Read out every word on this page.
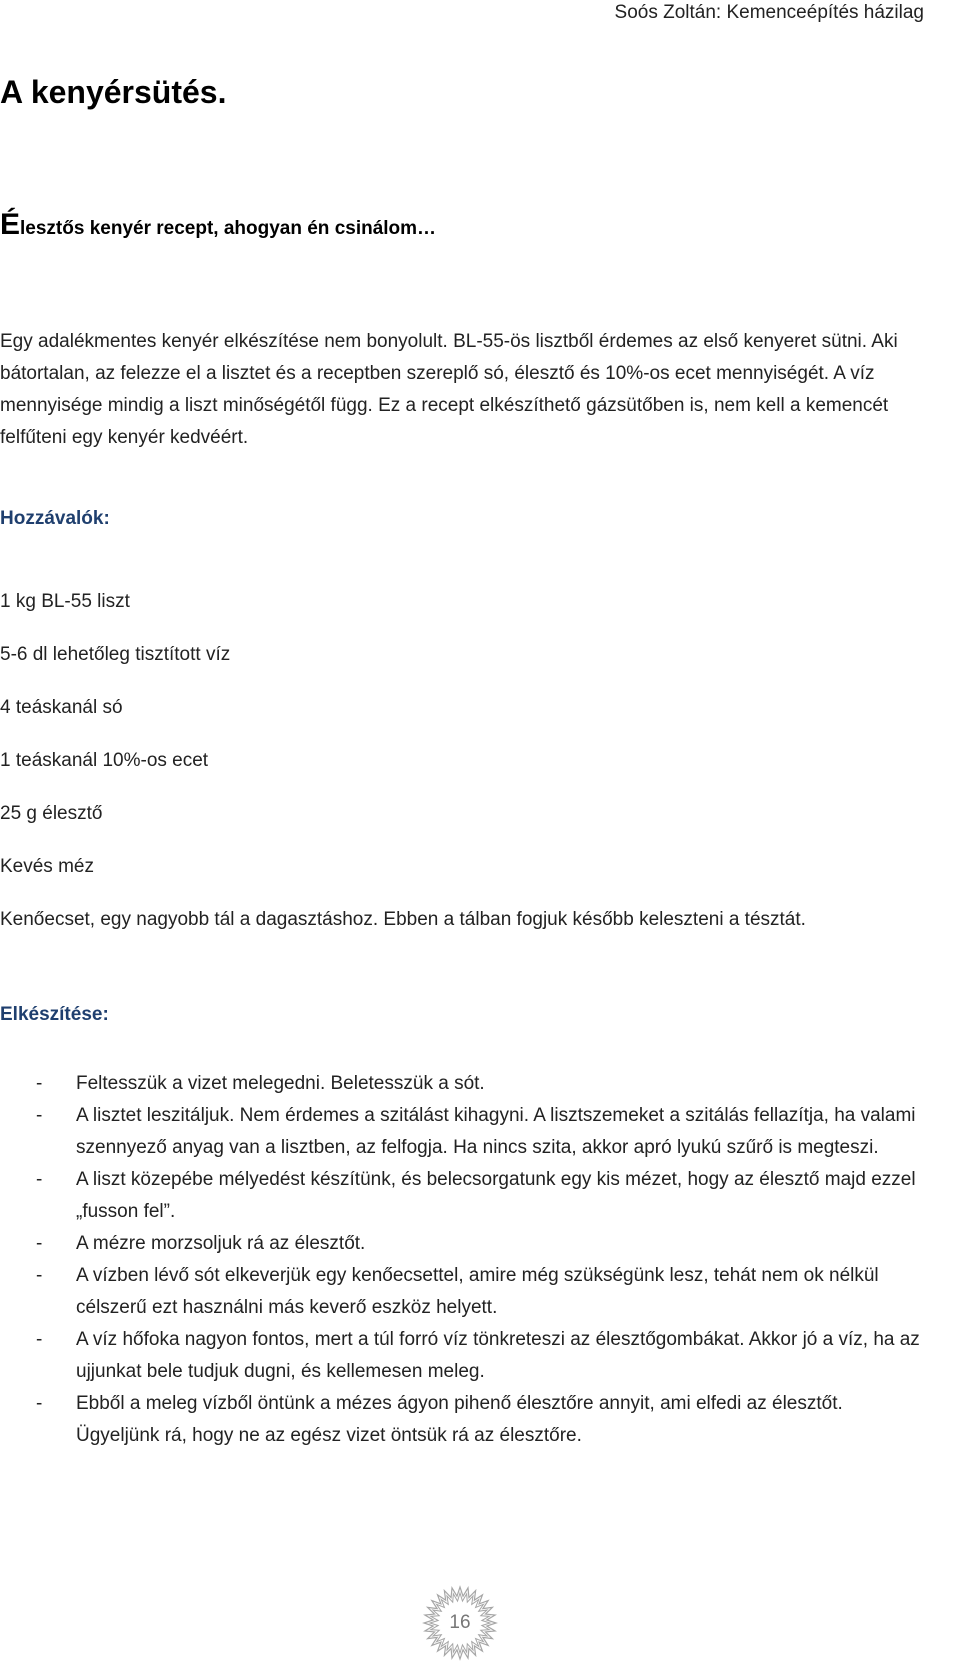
Soós Zoltán: Kemenceépítés házilag
A kenyérsütés.
Élesztős kenyér recept, ahogyan én csinálom…

Egy adalékmentes kenyér elkészítése nem bonyolult. BL-55-ös lisztből érdemes az első kenyeret sütni. Aki bátortalan, az felezze el a lisztet és a receptben szereplő só, élesztő és 10%-os ecet mennyiségét. A víz mennyisége mindig a liszt minőségétől függ. Ez a recept elkészíthető gázsütőben is, nem kell a kemencét felfűteni egy kenyér kedvéért.

Hozzávalók:
1 kg BL-55 liszt
5-6 dl lehetőleg tisztított víz
4 teáskanál só
1 teáskanál 10%-os ecet
25 g élesztő
Kevés méz
Kenőecset, egy nagyobb tál a dagasztáshoz. Ebben a tálban fogjuk később keleszteni a tésztát.
Elkészítése:
- Feltesszük a vizet melegedni. Beletesszük a sót.
- A lisztet leszitáljuk. Nem érdemes a szitálást kihagyni. A lisztszemeket a szitálás fellazítja, ha valami szennyező anyag van a lisztben, az felfogja. Ha nincs szita, akkor apró lyukú szűrő is megteszi.
- A liszt közepébe mélyedést készítünk, és belecsorgatunk egy kis mézet, hogy az élesztő majd ezzel „fusson fel”.
- A mézre morzsoljuk rá az élesztőt.
- A vízben lévő sót elkeverjük egy kenőecsettel, amire még szükségünk lesz, tehát nem ok nélkül célszerű ezt használni más keverő eszköz helyett.
- A víz hőfoka nagyon fontos, mert a túl forró víz tönkreteszi az élesztőgombákat. Akkor jó a víz, ha az ujjunkat bele tudjuk dugni, és kellemesen meleg.
- Ebből a meleg vízből öntünk a mézes ágyon pihenő élesztőre annyit, ami elfedi az élesztőt. Ügyeljünk rá, hogy ne az egész vizet öntsük rá az élesztőre.
16
